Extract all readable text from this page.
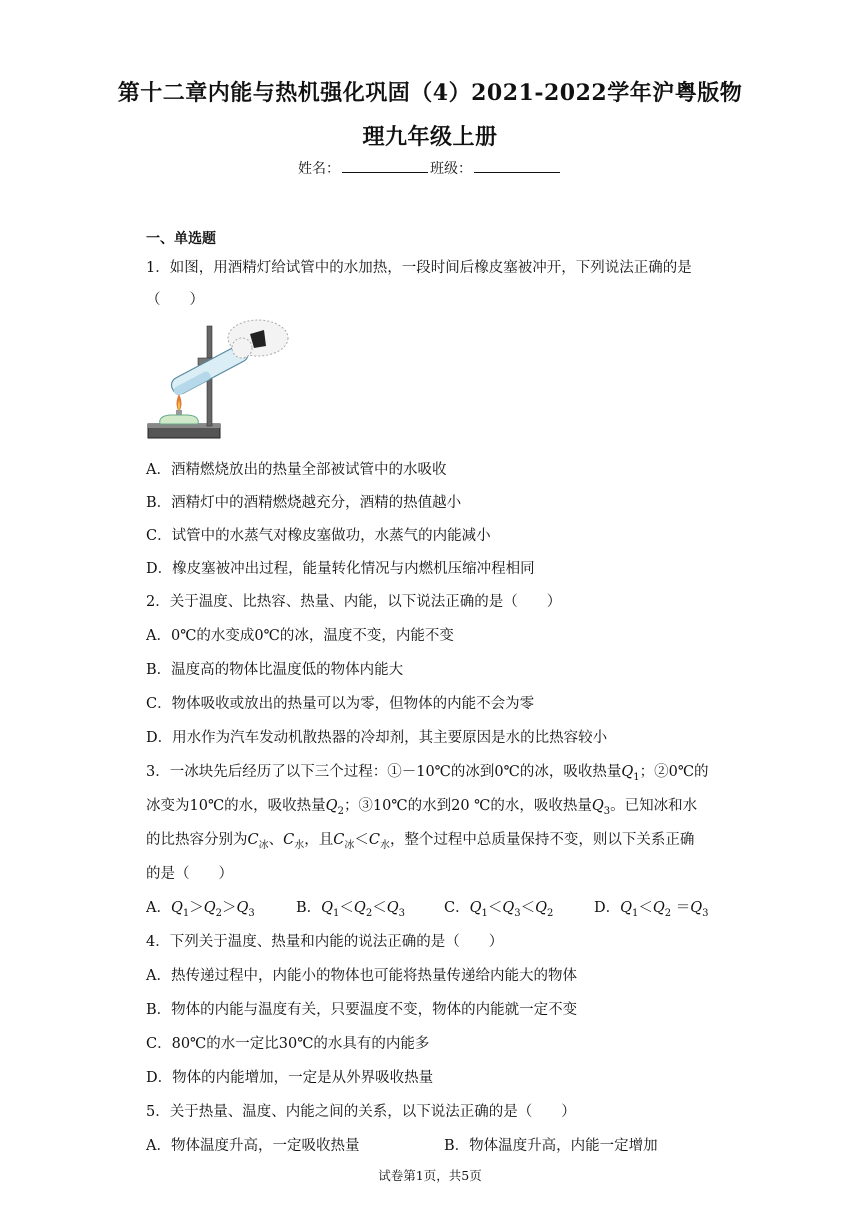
第十二章内能与热机强化巩固（4）2021-2022学年沪粤版物
理九年级上册
姓名：	班级：
一、单选题
1．如图，用酒精灯给试管中的水加热，一段时间后橡皮塞被冲开，下列说法正确的是
（　　）
A．酒精燃烧放出的热量全部被试管中的水吸收
B．酒精灯中的酒精燃烧越充分，酒精的热值越小
C．试管中的水蒸气对橡皮塞做功，水蒸气的内能减小
D．橡皮塞被冲出过程，能量转化情况与内燃机压缩冲程相同
2．关于温度、比热容、热量、内能，以下说法正确的是（　　）
A．0℃的水变成0℃的冰，温度不变，内能不变
B．温度高的物体比温度低的物体内能大
C．物体吸收或放出的热量可以为零，但物体的内能不会为零
D．用水作为汽车发动机散热器的冷却剂，其主要原因是水的比热容较小
3．一冰块先后经历了以下三个过程：①－10℃的冰到0℃的冰，吸收热量$Q_1$；②0℃的
冰变为10℃的水，吸收热量$Q_2$；③10℃的水到20 ℃的水，吸收热量$Q_3$。已知冰和水
的比热容分别为$C_冰$、$C_水$，且$C_冰<C_水$，整个过程中总质量保持不变，则以下关系正确
的是（　　）
A．$Q_1>Q_2>Q_3$	B．$Q_1<Q_2<Q_3$	C．$Q_1<Q_3<Q_2$	D．$Q_1<Q_2 =Q_3$
4．下列关于温度、热量和内能的说法正确的是（　　）
A．热传递过程中，内能小的物体也可能将热量传递给内能大的物体
B．物体的内能与温度有关，只要温度不变，物体的内能就一定不变
C．80℃的水一定比30℃的水具有的内能多
D．物体的内能增加，一定是从外界吸收热量
5．关于热量、温度、内能之间的关系，以下说法正确的是（　　）
A．物体温度升高，一定吸收热量	B．物体温度升高，内能一定增加
试卷第1页，共5页
